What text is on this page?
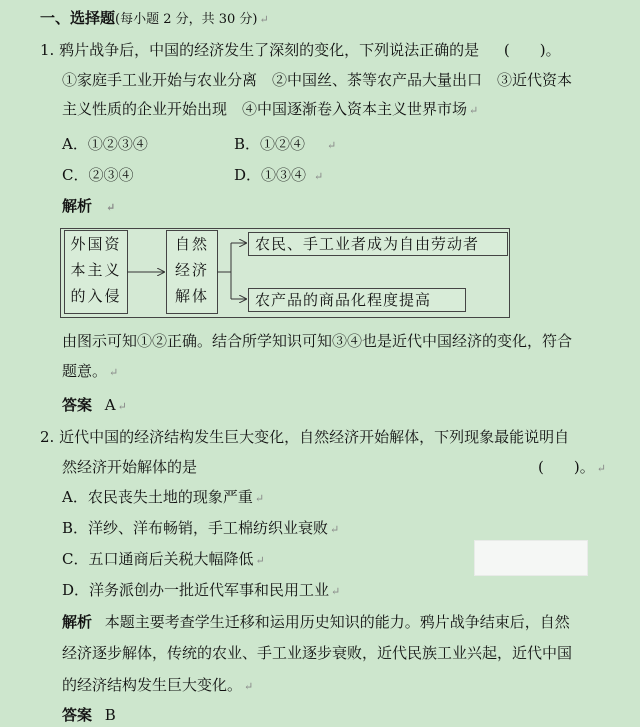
一、选择题(每小题 2 分，共 30 分) ↵
1. 鸦片战争后，中国的经济发生了深刻的变化，下列说法正确的是 (　　)。
①家庭手工业开始与农业分离　②中国丝、茶等农产品大量出口　③近代资本
主义性质的企业开始出现　④中国逐渐卷入资本主义世界市场 ↵
A．①②③④	B．①②④ ↵
C．②③④	D．①③④ ↵
解析 ↵
外国资
本主义
的入侵
自然
经济
解体
农民、手工业者成为自由劳动者
农产品的商品化程度提高
由图示可知①②正确。结合所学知识可知③④也是近代中国经济的变化，符合
题意。 ↵
答案 A ↵
2. 近代中国的经济结构发生巨大变化，自然经济开始解体，下列现象最能说明自
然经济开始解体的是	(　　)。 ↵
A．农民丧失土地的现象严重 ↵
B．洋纱、洋布畅销，手工棉纺织业衰败 ↵
C．五口通商后关税大幅降低 ↵
D．洋务派创办一批近代军事和民用工业 ↵
解析 本题主要考查学生迁移和运用历史知识的能力。鸦片战争结束后，自然
经济逐步解体，传统的农业、手工业逐步衰败，近代民族工业兴起，近代中国
的经济结构发生巨大变化。 ↵
答案 B
